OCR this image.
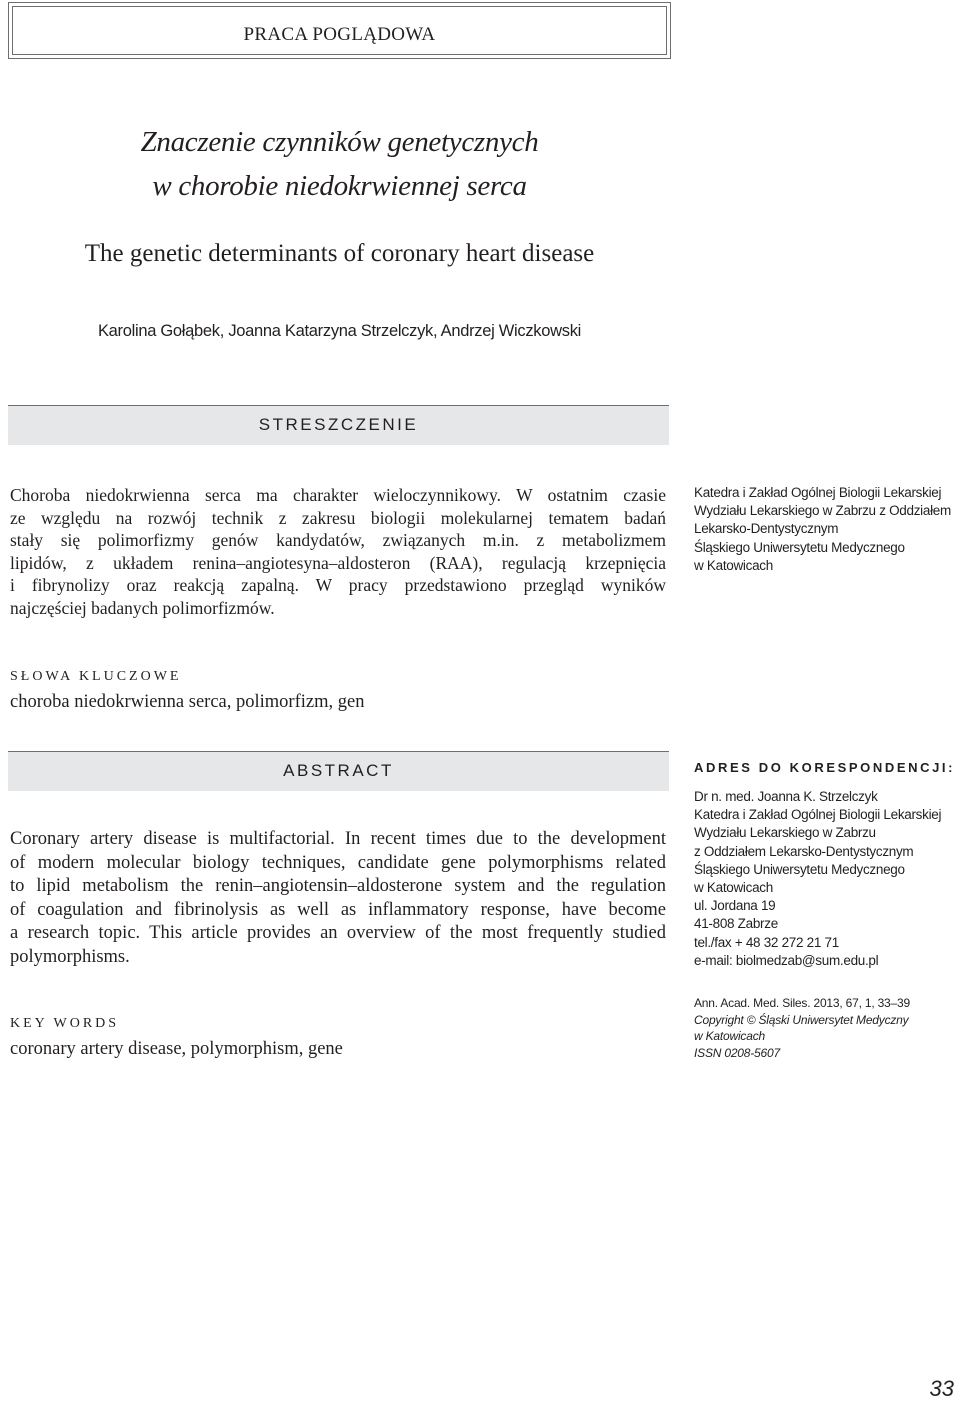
PRACA POGLĄDOWA
Znaczenie czynników genetycznych
w chorobie niedokrwiennej serca
The genetic determinants of coronary heart disease
Karolina Gołąbek, Joanna Katarzyna Strzelczyk, Andrzej Wiczkowski
STRESZCZENIE
Choroba niedokrwienna serca ma charakter wieloczynnikowy. W ostatnim czasie
ze względu na rozwój technik z zakresu biologii molekularnej tematem badań
stały się polimorfizmy genów kandydatów, związanych m.in. z metabolizmem
lipidów, z układem renina–angiotesyna–aldosteron (RAA), regulacją krzepnięcia
i fibrynolizy oraz reakcją zapalną. W pracy przedstawiono przegląd wyników
najczęściej badanych polimorfizmów.
Katedra i Zakład Ogólnej Biologii Lekarskiej
Wydziału Lekarskiego w Zabrzu z Oddziałem
Lekarsko-Dentystycznym
Śląskiego Uniwersytetu Medycznego
w Katowicach
SŁOWA KLUCZOWE
choroba niedokrwienna serca, polimorfizm, gen
ABSTRACT
Coronary artery disease is multifactorial. In recent times due to the development
of modern molecular biology techniques, candidate gene polymorphisms related
to lipid metabolism the renin–angiotensin–aldosterone system and the regulation
of coagulation and fibrinolysis as well as inflammatory response, have become
a research topic. This article provides an overview of the most frequently studied
polymorphisms.
ADRES DO KORESPONDENCJI:
Dr n. med. Joanna K. Strzelczyk
Katedra i Zakład Ogólnej Biologii Lekarskiej
Wydziału Lekarskiego w Zabrzu
z Oddziałem Lekarsko-Dentystycznym
Śląskiego Uniwersytetu Medycznego
w Katowicach
ul. Jordana 19
41-808 Zabrze
tel./fax + 48 32 272 21 71
e-mail: biolmedzab@sum.edu.pl
KEY WORDS
coronary artery disease, polymorphism, gene
Ann. Acad. Med. Siles. 2013, 67, 1, 33–39
Copyright © Śląski Uniwersytet Medyczny
w Katowicach
ISSN 0208-5607
33
